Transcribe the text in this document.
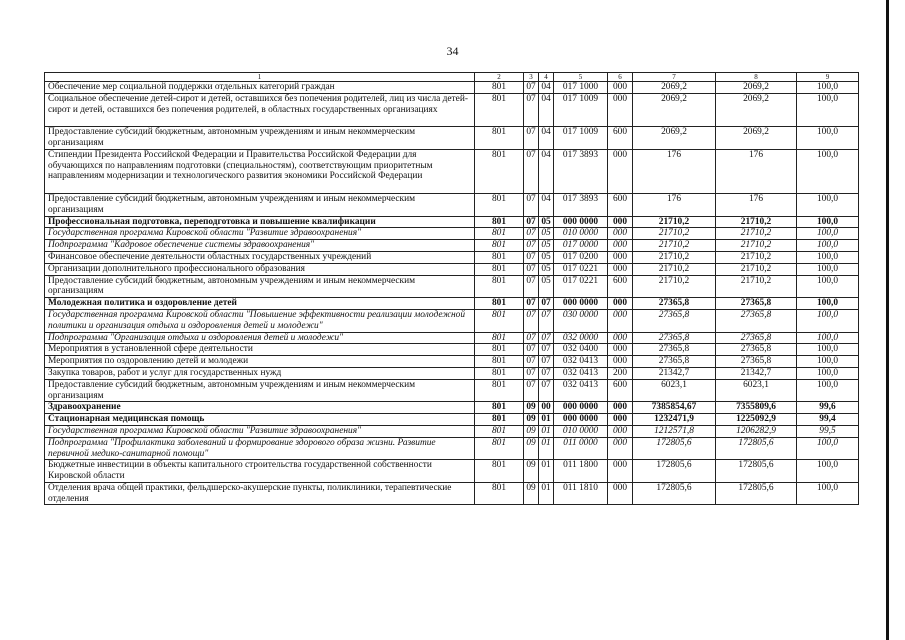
34
1	2	3	4	5	6	7	8	9
Обеспечение мер социальной поддержки отдельных категорий граждан	801	07	04	017 1000	000	2069,2	2069,2	100,0
Социальное обеспечение детей-сирот и детей, оставшихся без попечения родителей, лиц из числа детей-сирот и детей, оставшихся без попечения родителей, в областных государственных организациях	801	07	04	017 1009	000	2069,2	2069,2	100,0
Предоставление субсидий бюджетным, автономным учреждениям и иным некоммерческим организациям	801	07	04	017 1009	600	2069,2	2069,2	100,0
Стипендии Президента Российской Федерации и Правительства Российской Федерации для обучающихся по направлениям подготовки (специальностям), соответствующим приоритетным направлениям модернизации и технологического развития экономики Российской Федерации	801	07	04	017 3893	000	176	176	100,0
Предоставление субсидий бюджетным, автономным учреждениям и иным некоммерческим организациям	801	07	04	017 3893	600	176	176	100,0
Профессиональная подготовка, переподготовка и повышение квалификации	801	07	05	000 0000	000	21710,2	21710,2	100,0
Государственная программа Кировской области "Развитие здравоохранения"	801	07	05	010 0000	000	21710,2	21710,2	100,0
Подпрограмма "Кадровое обеспечение системы здравоохранения"	801	07	05	017 0000	000	21710,2	21710,2	100,0
Финансовое обеспечение деятельности областных государственных учреждений	801	07	05	017 0200	000	21710,2	21710,2	100,0
Организации дополнительного профессионального образования	801	07	05	017 0221	000	21710,2	21710,2	100,0
Предоставление субсидий бюджетным, автономным учреждениям и иным некоммерческим организациям	801	07	05	017 0221	600	21710,2	21710,2	100,0
Молодежная политика и оздоровление детей	801	07	07	000 0000	000	27365,8	27365,8	100,0
Государственная программа Кировской области "Повышение эффективности реализации молодежной политики и организация отдыха и оздоровления детей и молодежи"	801	07	07	030 0000	000	27365,8	27365,8	100,0
Подпрограмма "Организация отдыха и оздоровления детей и молодежи"	801	07	07	032 0000	000	27365,8	27365,8	100,0
Мероприятия в установленной сфере деятельности	801	07	07	032 0400	000	27365,8	27365,8	100,0
Мероприятия по оздоровлению детей и молодежи	801	07	07	032 0413	000	27365,8	27365,8	100,0
Закупка товаров, работ и услуг для государственных нужд	801	07	07	032 0413	200	21342,7	21342,7	100,0
Предоставление субсидий бюджетным, автономным учреждениям и иным некоммерческим организациям	801	07	07	032 0413	600	6023,1	6023,1	100,0
Здравоохранение	801	09	00	000 0000	000	7385854,67	7355809,6	99,6
Стационарная медицинская помощь	801	09	01	000 0000	000	1232471,9	1225092,9	99,4
Государственная программа Кировской области "Развитие здравоохранения"	801	09	01	010 0000	000	1212571,8	1206282,9	99,5
Подпрограмма "Профилактика заболеваний и формирование здорового образа жизни. Развитие первичной медико-санитарной помощи"	801	09	01	011 0000	000	172805,6	172805,6	100,0
Бюджетные инвестиции в объекты капитального строительства государственной собственности Кировской области	801	09	01	011 1800	000	172805,6	172805,6	100,0
Отделения врача общей практики, фельдшерско-акушерские пункты, поликлиники, терапевтические отделения	801	09	01	011 1810	000	172805,6	172805,6	100,0
